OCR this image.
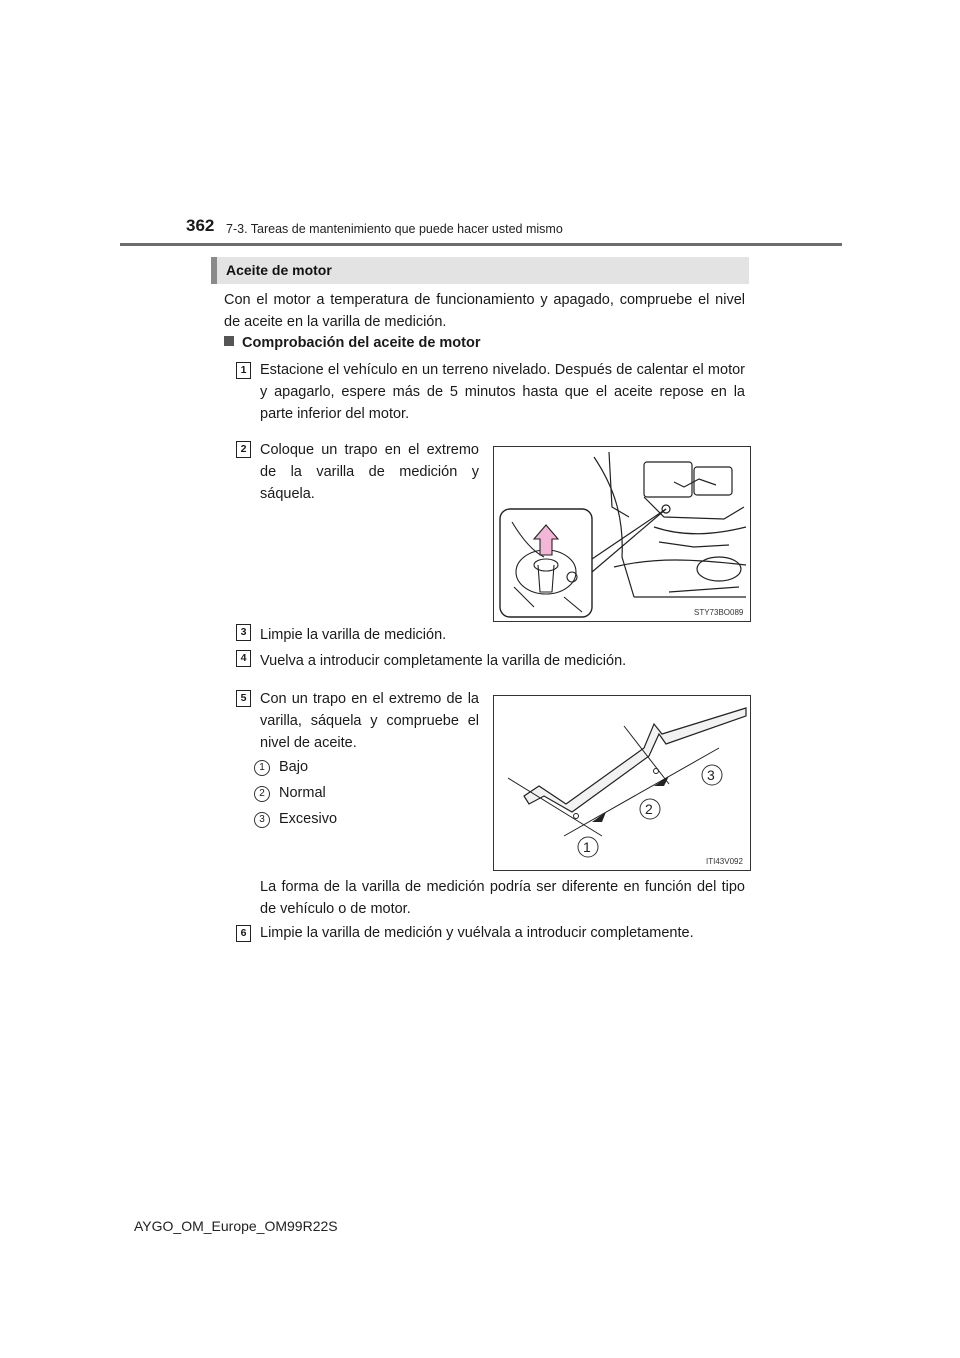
362 7-3. Tareas de mantenimiento que puede hacer usted mismo
Aceite de motor
Con el motor a temperatura de funcionamiento y apagado, compruebe el nivel de aceite en la varilla de medición.
Comprobación del aceite de motor
1 Estacione el vehículo en un terreno nivelado. Después de calentar el motor y apagarlo, espere más de 5 minutos hasta que el aceite repose en la parte inferior del motor.
2 Coloque un trapo en el extremo de la varilla de medición y sáquela.
STY73BO089
3 Limpie la varilla de medición.
4 Vuelva a introducir completamente la varilla de medición.
5 Con un trapo en el extremo de la varilla, sáquela y compruebe el nivel de aceite.
1 Bajo
2 Normal
3 Excesivo
1
2
3
ITI43V092
La forma de la varilla de medición podría ser diferente en función del tipo de vehículo o de motor.
6 Limpie la varilla de medición y vuélvala a introducir completamente.
AYGO_OM_Europe_OM99R22S
